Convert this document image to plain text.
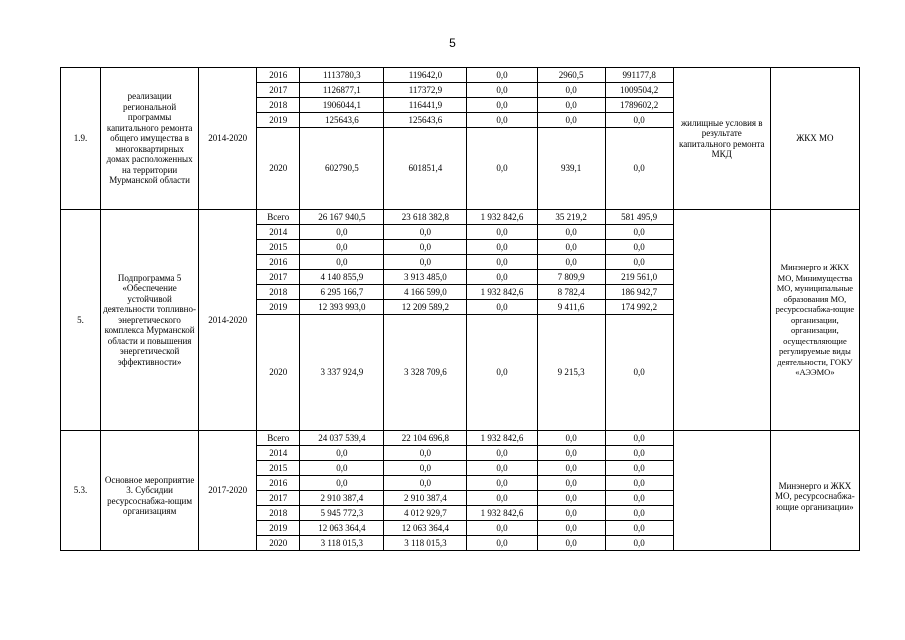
5
1.9.	реализации региональной программы капитального ремонта общего имущества в многоквартирных домах расположенных на территории Мурманской области	2014-2020	2016	1113780,3	119642,0	0,0	2960,5	991177,8	жилищные условия в результате капитального ремонта МКД	ЖКХ МО
			2017	1126877,1	117372,9	0,0	0,0	1009504,2		
			2018	1906044,1	116441,9	0,0	0,0	1789602,2		
			2019	125643,6	125643,6	0,0	0,0	0,0		
			2020	602790,5	601851,4	0,0	939,1	0,0		
5.	Подпрограмма 5 «Обеспечение устойчивой деятельности топливно-энергетического комплекса Мурманской области и повышения энергетической эффективности»	2014-2020	Всего	26 167 940,5	23 618 382,8	1 932 842,6	35 219,2	581 495,9		Минэнерго и ЖКХ МО, Минимущества МО, муниципальные образования МО, ресурсоснабжа-ющие организации, организации, осуществляющие регулируемые виды деятельности, ГОКУ «АЭЭМО»
			2014	0,0	0,0	0,0	0,0	0,0		
			2015	0,0	0,0	0,0	0,0	0,0		
			2016	0,0	0,0	0,0	0,0	0,0		
			2017	4 140 855,9	3 913 485,0	0,0	7 809,9	219 561,0		
			2018	6 295 166,7	4 166 599,0	1 932 842,6	8 782,4	186 942,7		
			2019	12 393 993,0	12 209 589,2	0,0	9 411,6	174 992,2		
			2020	3 337 924,9	3 328 709,6	0,0	9 215,3	0,0		
5.3.	Основное мероприятие 3. Субсидии ресурсоснабжа-ющим организациям	2017-2020	Всего	24 037 539,4	22 104 696,8	1 932 842,6	0,0	0,0		Минэнерго и ЖКХ МО, ресурсоснабжа-ющие организации»
			2014	0,0	0,0	0,0	0,0	0,0		
			2015	0,0	0,0	0,0	0,0	0,0		
			2016	0,0	0,0	0,0	0,0	0,0		
			2017	2 910 387,4	2 910 387,4	0,0	0,0	0,0		
			2018	5 945 772,3	4 012 929,7	1 932 842,6	0,0	0,0		
			2019	12 063 364,4	12 063 364,4	0,0	0,0	0,0		
			2020	3 118 015,3	3 118 015,3	0,0	0,0	0,0		
